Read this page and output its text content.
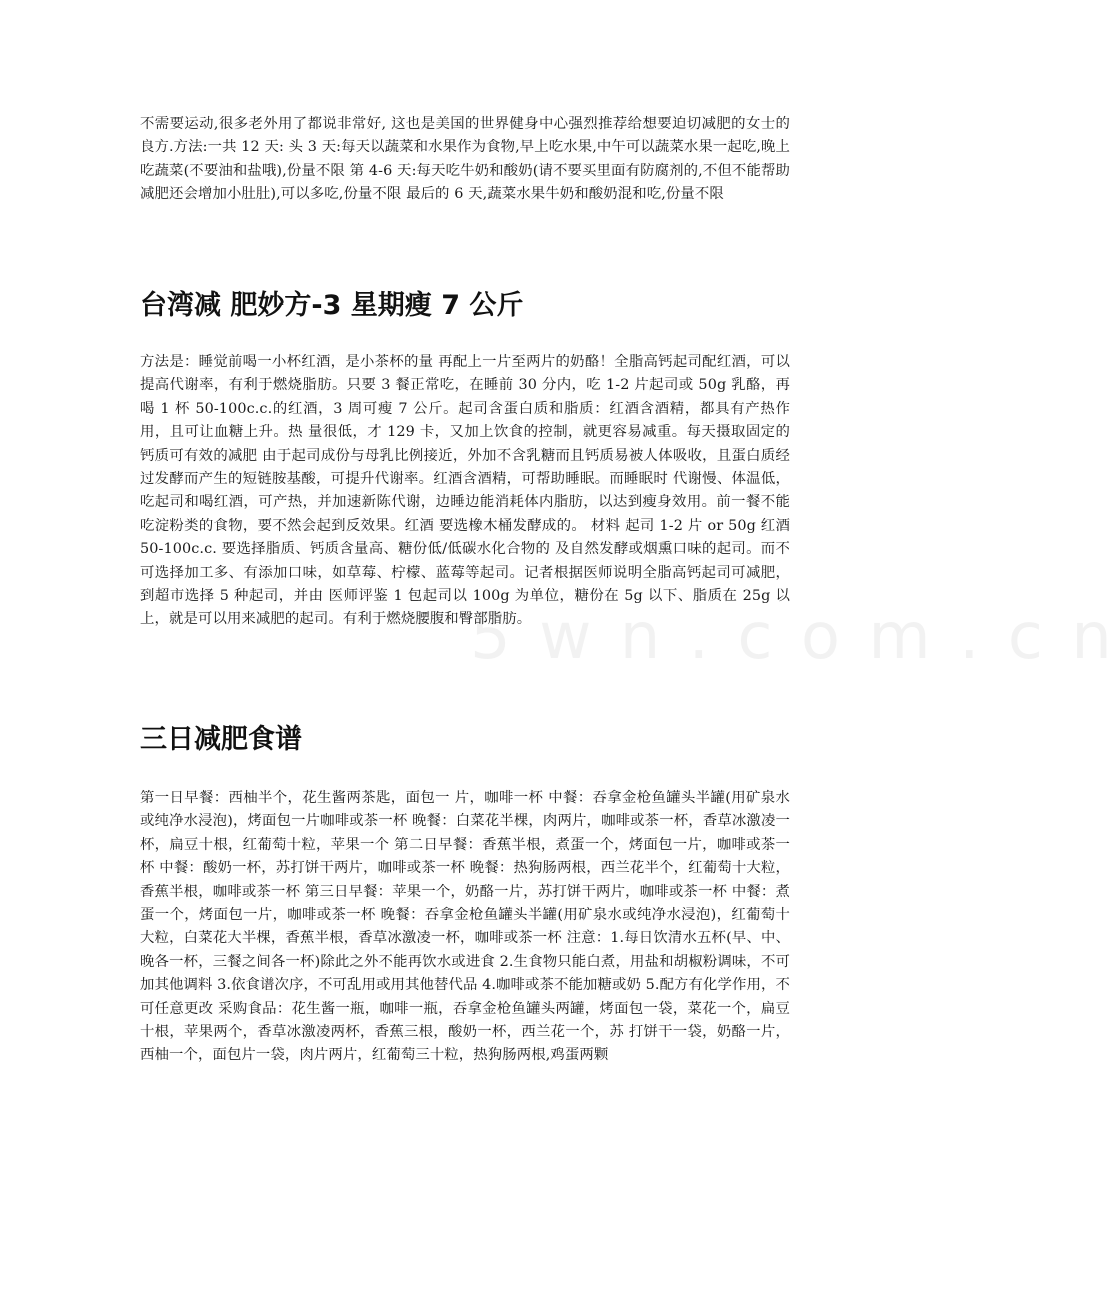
5 w n . c o m . c n

不需要运动,很多老外用了都说非常好, 这也是美国的世界健身中心强烈推荐给想要迫切减肥的女士的良方.方法:一共 12 天: 头 3 天:每天以蔬菜和水果作为食物,早上吃水果,中午可以蔬菜水果一起吃,晚上吃蔬菜(不要油和盐哦),份量不限 第 4-6 天:每天吃牛奶和酸奶(请不要买里面有防腐剂的,不但不能帮助减肥还会增加小肚肚),可以多吃,份量不限 最后的 6 天,蔬菜水果牛奶和酸奶混和吃,份量不限

台湾减 肥妙方-3 星期瘦 7 公斤

方法是：睡觉前喝一小杯红酒，是小茶杯的量 再配上一片至两片的奶酪！全脂高钙起司配红酒，可以提高代谢率，有利于燃烧脂肪。只要 3 餐正常吃，在睡前 30 分内，吃 1-2 片起司或 50g 乳酪，再喝 1 杯 50-100c.c.的红酒，3 周可瘦 7 公斤。起司含蛋白质和脂质：红酒含酒精，都具有产热作用，且可让血糖上升。热 量很低，才 129 卡，又加上饮食的控制，就更容易减重。每天摄取固定的钙质可有效的减肥 由于起司成份与母乳比例接近，外加不含乳糖而且钙质易被人体吸收，且蛋白质经过发酵而产生的短链胺基酸，可提升代谢率。红酒含酒精，可帮助睡眠。而睡眠时 代谢慢、体温低，吃起司和喝红酒，可产热，并加速新陈代谢，边睡边能消耗体内脂肪，以达到瘦身效用。前一餐不能吃淀粉类的食物，要不然会起到反效果。红酒 要选橡木桶发酵成的。 材料 起司 1-2 片 or 50g 红酒 50-100c.c. 要选择脂质、钙质含量高、糖份低/低碳水化合物的 及自然发酵或烟熏口味的起司。而不可选择加工多、有添加口味，如草莓、柠檬、蓝莓等起司。记者根据医师说明全脂高钙起司可减肥，到超市选择 5 种起司，并由 医师评鉴 1 包起司以 100g 为单位，糖份在 5g 以下、脂质在 25g 以上，就是可以用来减肥的起司。有利于燃烧腰腹和臀部脂肪。

三日减肥食谱

第一日早餐：西柚半个，花生酱两茶匙，面包一 片，咖啡一杯 中餐：吞拿金枪鱼罐头半罐(用矿泉水或纯净水浸泡)，烤面包一片咖啡或茶一杯 晚餐：白菜花半棵，肉两片，咖啡或茶一杯，香草冰激凌一杯，扁豆十根，红葡萄十粒，苹果一个 第二日早餐：香蕉半根，煮蛋一个，烤面包一片，咖啡或茶一杯 中餐：酸奶一杯，苏打饼干两片，咖啡或茶一杯 晚餐：热狗肠两根，西兰花半个，红葡萄十大粒，香蕉半根，咖啡或茶一杯 第三日早餐：苹果一个，奶酪一片，苏打饼干两片，咖啡或茶一杯 中餐：煮蛋一个，烤面包一片，咖啡或茶一杯 晚餐：吞拿金枪鱼罐头半罐(用矿泉水或纯净水浸泡)，红葡萄十大粒，白菜花大半棵，香蕉半根，香草冰激凌一杯，咖啡或茶一杯 注意：1.每日饮清水五杯(早、中、晚各一杯，三餐之间各一杯)除此之外不能再饮水或进食 2.生食物只能白煮，用盐和胡椒粉调味，不可加其他调料 3.依食谱次序，不可乱用或用其他替代品 4.咖啡或茶不能加糖或奶 5.配方有化学作用，不可任意更改 采购食品：花生酱一瓶，咖啡一瓶，吞拿金枪鱼罐头两罐，烤面包一袋，菜花一个，扁豆十根，苹果两个，香草冰激凌两杯，香蕉三根，酸奶一杯，西兰花一个，苏 打饼干一袋，奶酪一片，西柚一个，面包片一袋，肉片两片，红葡萄三十粒，热狗肠两根,鸡蛋两颗
